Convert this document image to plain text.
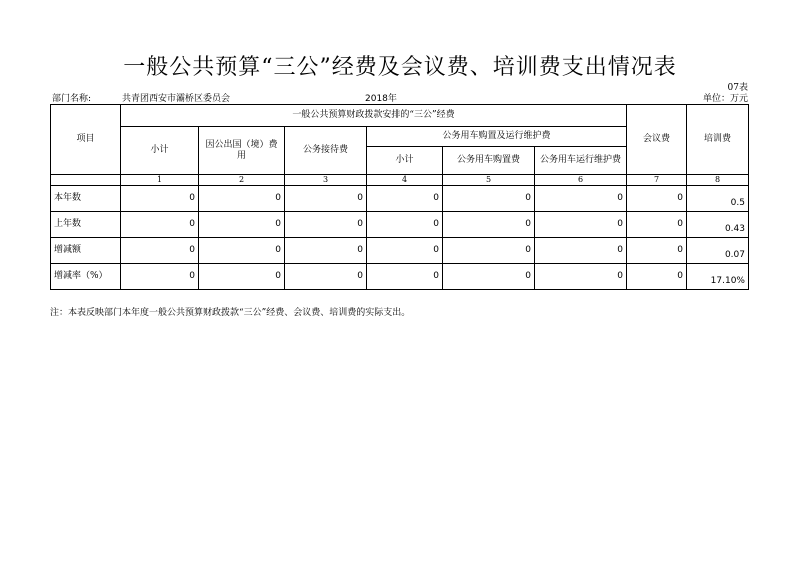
一般公共预算“三公”经费及会议费、培训费支出情况表
07表
部门名称:	共青团西安市灞桥区委员会	2018年	单位：万元
项目	一般公共预算财政拨款安排的“三公”经费						会议费	培训费
	小计	因公出国（境）费用	公务接待费	公务用车购置及运行维护费				
				小计	公务用车购置费	公务用车运行维护费		
	1	2	3	4	5	6	7	8
本年数	0	0	0	0	0	0	0	0.5
上年数	0	0	0	0	0	0	0	0.43
增减额	0	0	0	0	0	0	0	0.07
增减率（%）	0	0	0	0	0	0	0	17.10%
注：本表反映部门本年度一般公共预算财政拨款“三公”经费、会议费、培训费的实际支出。
